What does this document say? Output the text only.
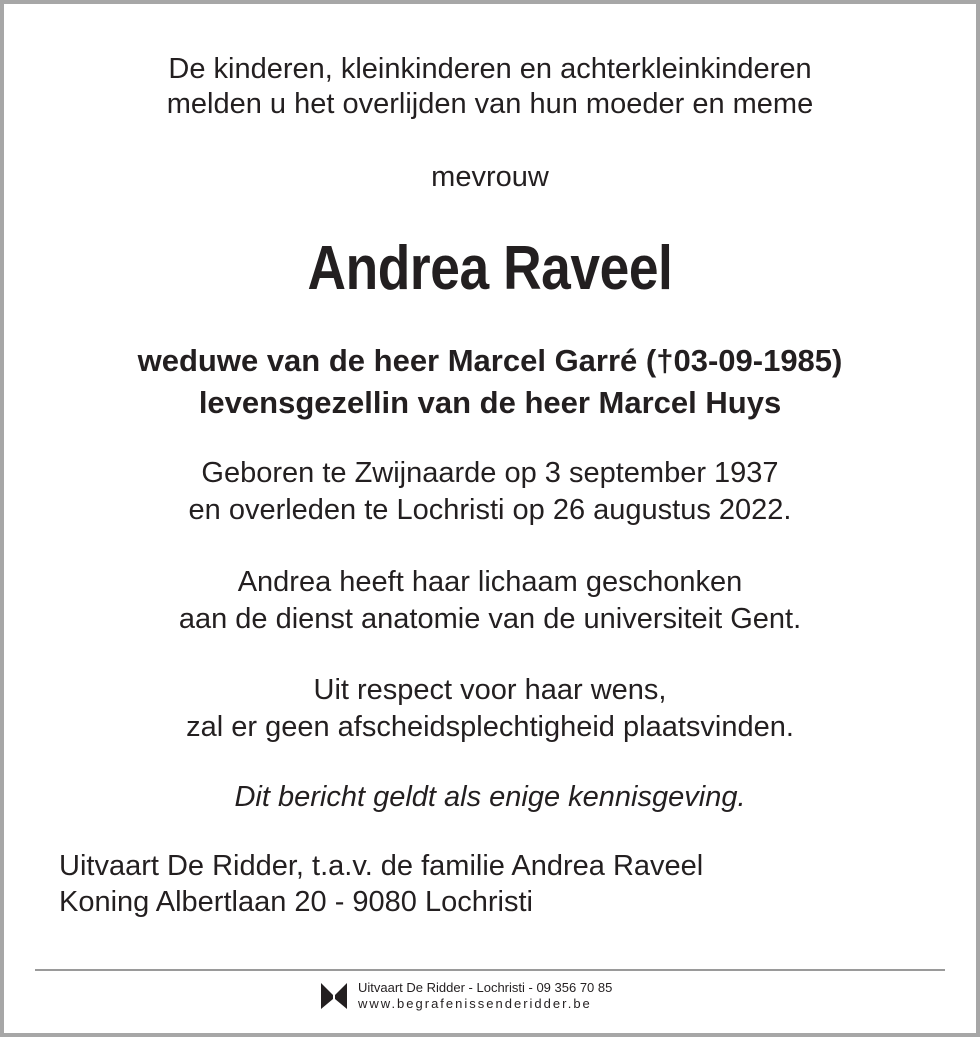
De kinderen, kleinkinderen en achterkleinkinderen
melden u het overlijden van hun moeder en meme
mevrouw
Andrea Raveel
weduwe van de heer Marcel Garré (†03-09-1985)
levensgezellin van de heer Marcel Huys
Geboren te Zwijnaarde op 3 september 1937
en overleden te Lochristi op 26 augustus 2022.
Andrea heeft haar lichaam geschonken
aan de dienst anatomie van de universiteit Gent.
Uit respect voor haar wens,
zal er geen afscheidsplechtigheid plaatsvinden.
Dit bericht geldt als enige kennisgeving.
Uitvaart De Ridder, t.a.v. de familie Andrea Raveel
Koning Albertlaan 20 - 9080 Lochristi
Uitvaart De Ridder - Lochristi - 09 356 70 85
www.begrafenissenderidder.be
